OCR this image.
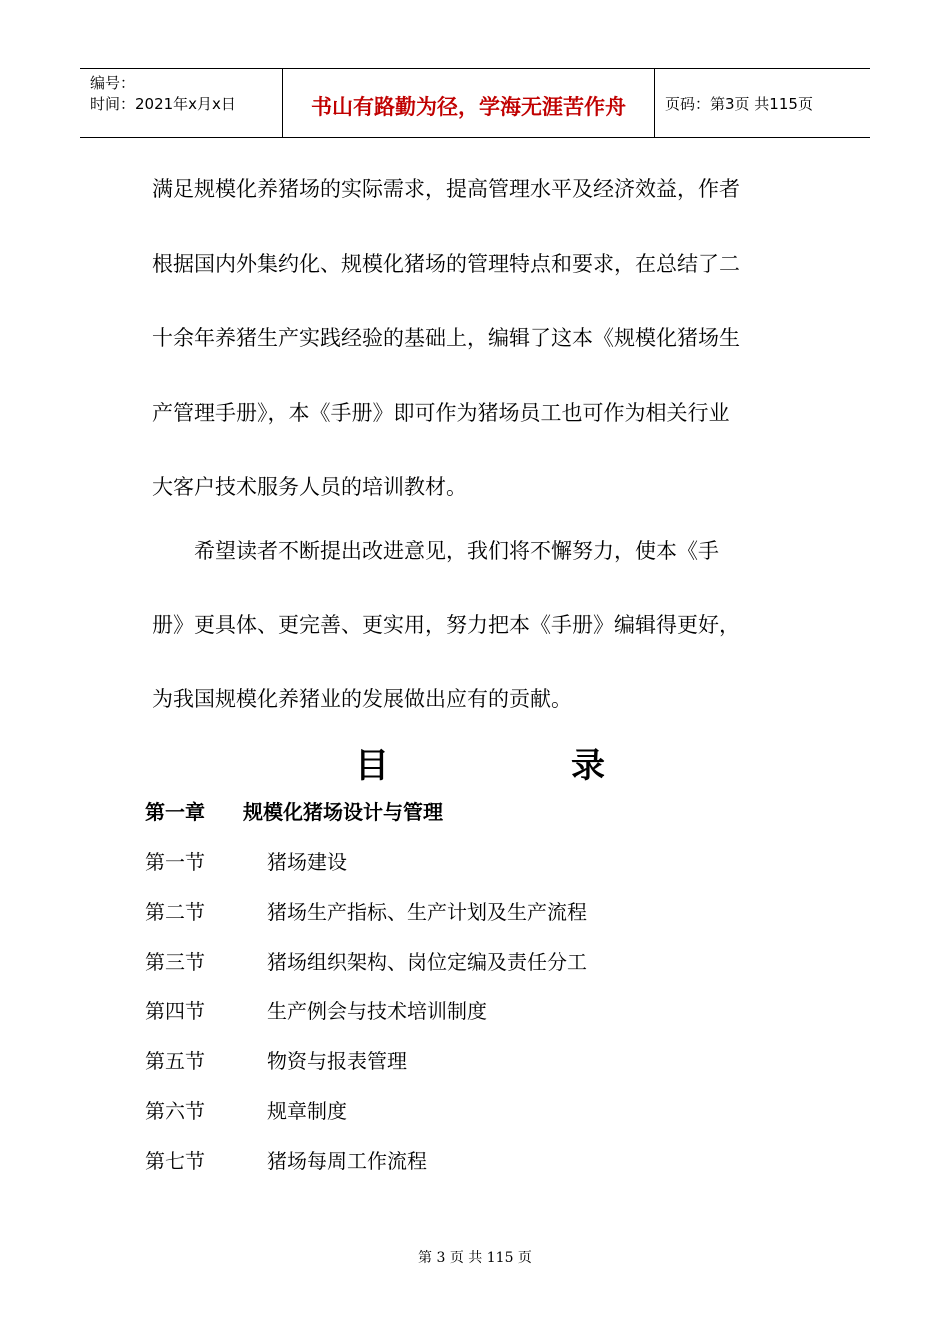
编号：
时间：2021年x月x日	书山有路勤为径，学海无涯苦作舟	页码：第3页 共115页
满足规模化养猪场的实际需求，提高管理水平及经济效益，作者
根据国内外集约化、规模化猪场的管理特点和要求，在总结了二
十余年养猪生产实践经验的基础上，编辑了这本《规模化猪场生
产管理手册》，本《手册》即可作为猪场员工也可作为相关行业
大客户技术服务人员的培训教材。
　　希望读者不断提出改进意见，我们将不懈努力，使本《手
册》更具体、更完善、更实用，努力把本《手册》编辑得更好，
为我国规模化养猪业的发展做出应有的贡献。
目	录
第一章 规模化猪场设计与管理
第一节	猪场建设
第二节	猪场生产指标、生产计划及生产流程
第三节	猪场组织架构、岗位定编及责任分工
第四节	生产例会与技术培训制度
第五节	物资与报表管理
第六节	规章制度
第七节	猪场每周工作流程
第 3 页 共 115 页
